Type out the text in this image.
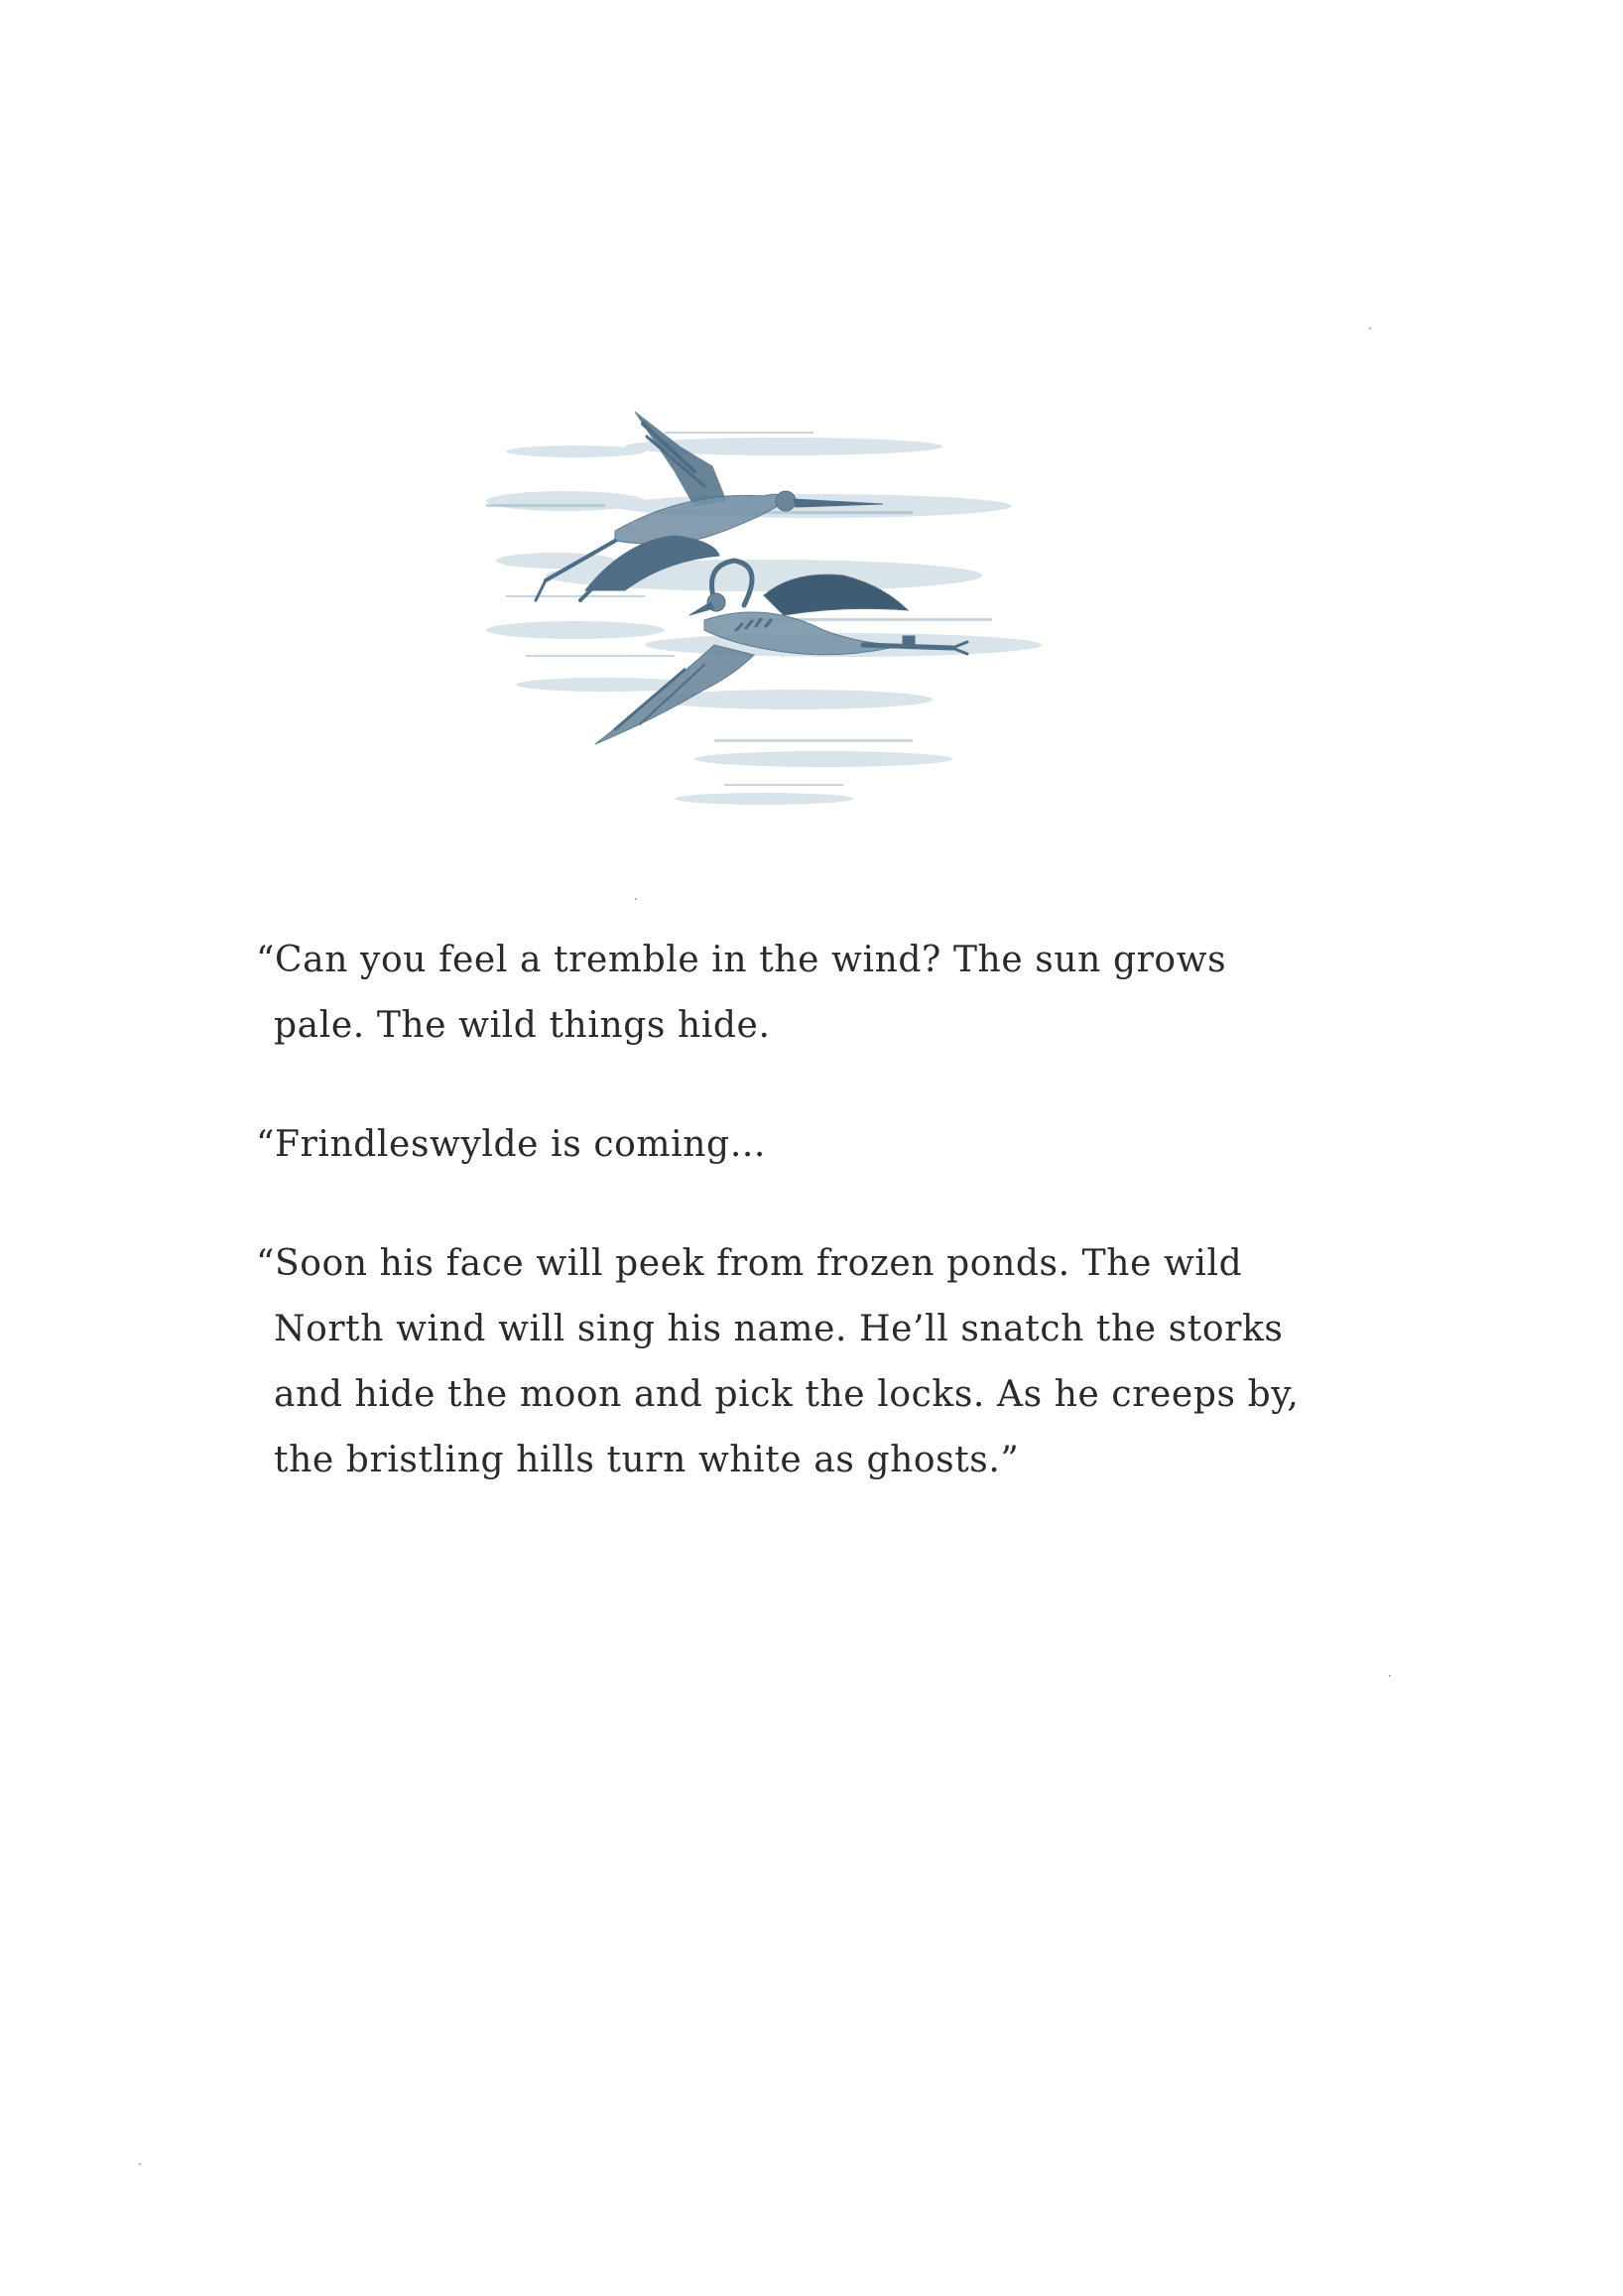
“Can you feel a tremble in the wind? The sun grows pale. The wild things hide.

“Frindleswylde is coming…

“Soon his face will peek from frozen ponds. The wild North wind will sing his name. He’ll snatch the storks and hide the moon and pick the locks. As he creeps by, the bristling hills turn white as ghosts.”
